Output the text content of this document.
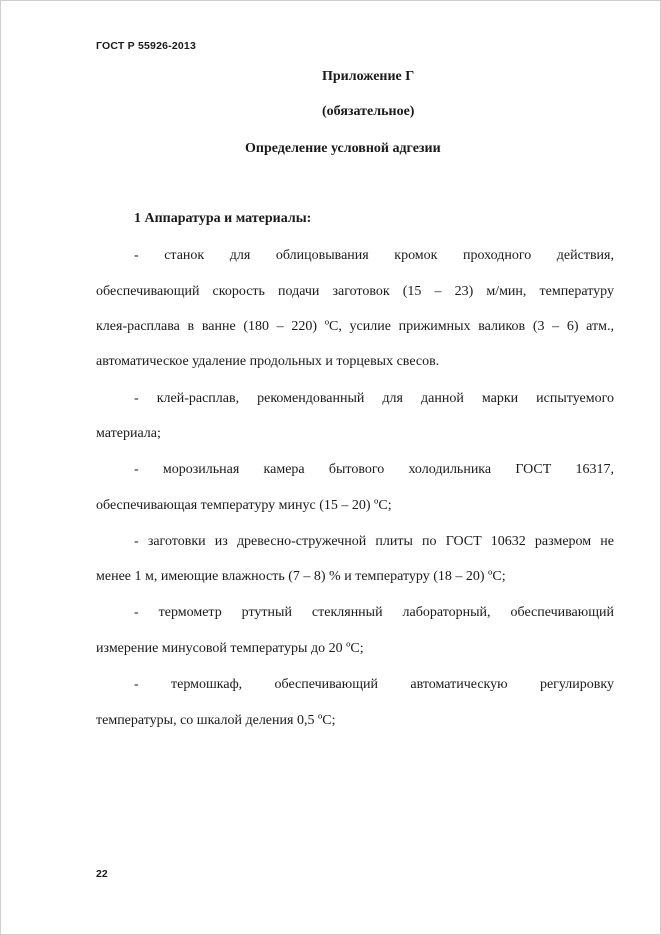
ГОСТ Р 55926-2013
Приложение Г
(обязательное)
Определение условной адгезии
1 Аппаратура и материалы:
- станок для облицовывания кромок проходного действия,
обеспечивающий скорость подачи заготовок (15 – 23) м/мин, температуру
клея-расплава в ванне (180 – 220) ºС, усилие прижимных валиков (3 – 6) атм.,
автоматическое удаление продольных и торцевых свесов.
- клей-расплав, рекомендованный для данной марки испытуемого
материала;
- морозильная камера бытового холодильника ГОСТ 16317,
обеспечивающая температуру минус (15 – 20) ºС;
- заготовки из древесно-стружечной плиты по ГОСТ 10632 размером не
менее 1 м, имеющие влажность (7 – 8) % и температуру (18 – 20) ºС;
- термометр ртутный стеклянный лабораторный, обеспечивающий
измерение минусовой температуры до 20 ºС;
- термошкаф, обеспечивающий автоматическую регулировку
температуры, со шкалой деления 0,5 ºС;
22
